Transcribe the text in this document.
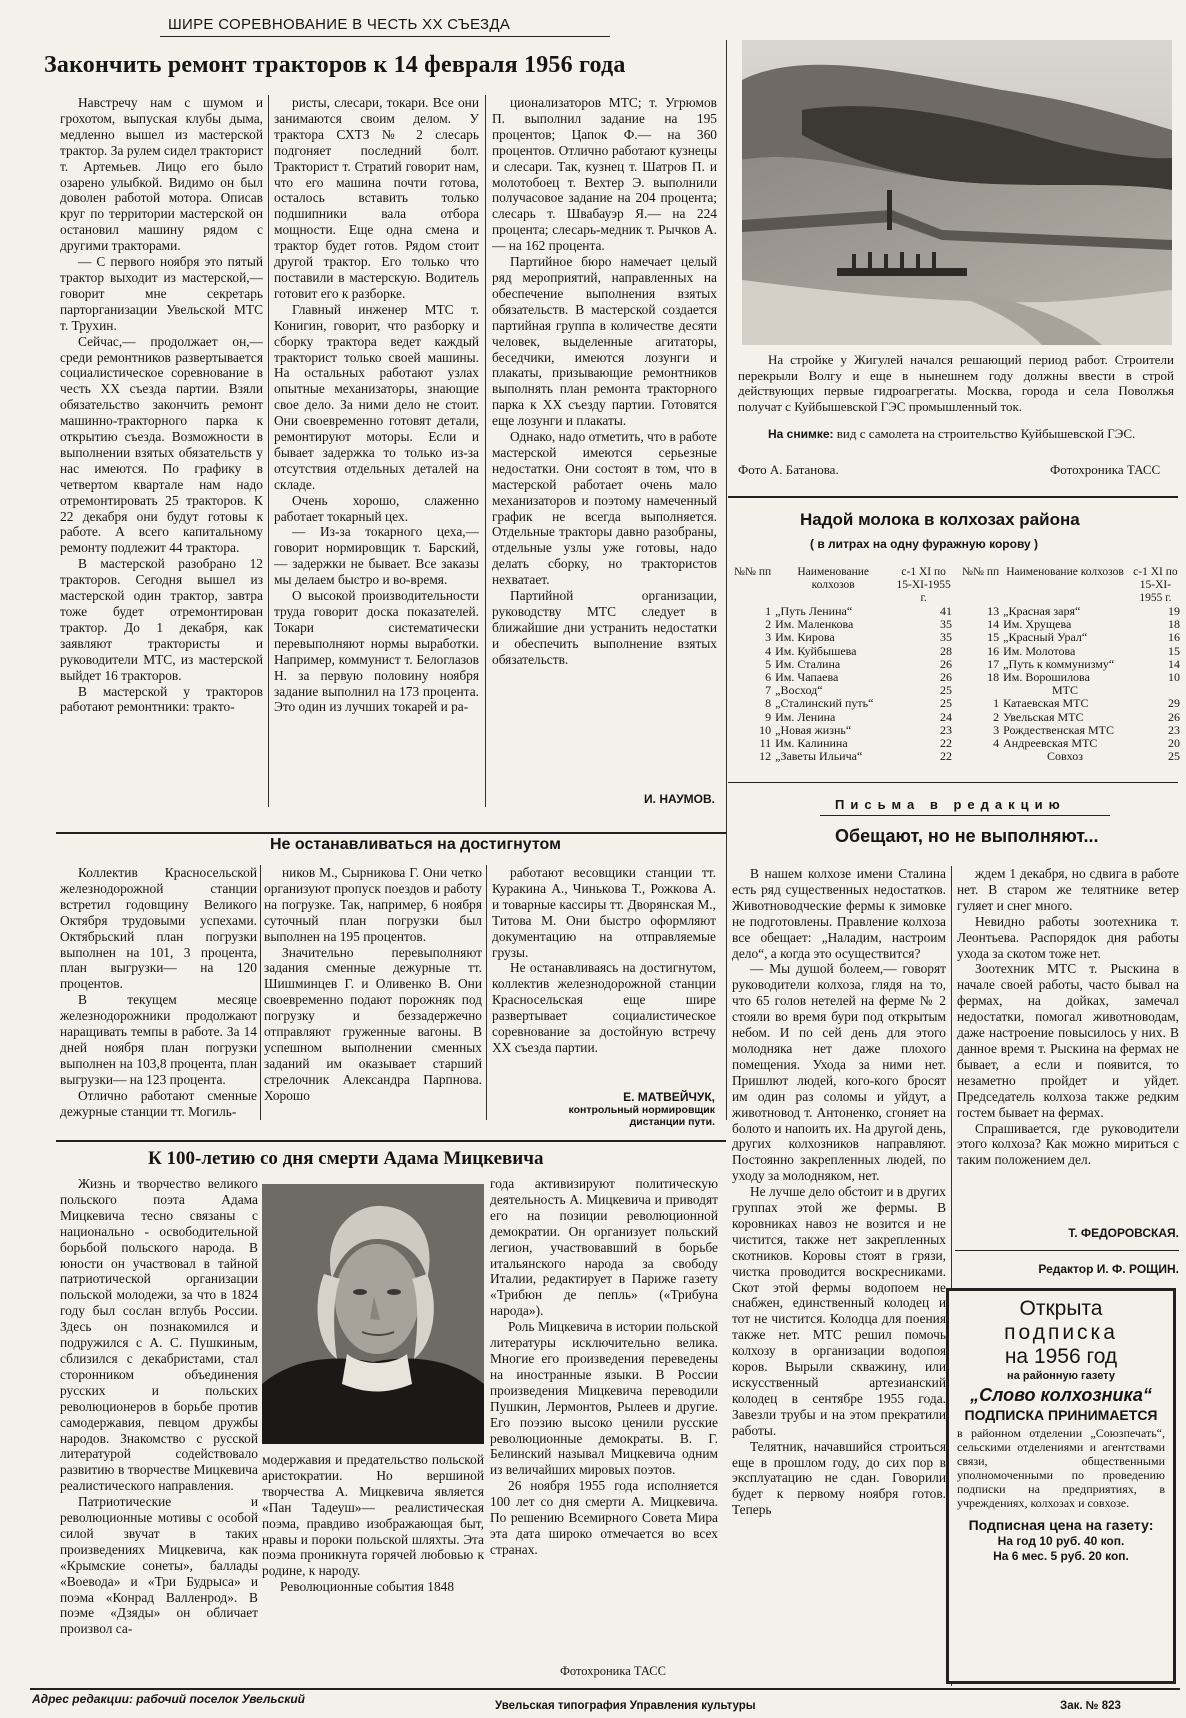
ШИРЕ СОРЕВНОВАНИЕ В ЧЕСТЬ XX СЪЕЗДА
Закончить ремонт тракторов к 14 февраля 1956 года

Навстречу нам с шумом и грохотом, выпуская клубы дыма, медленно вышел из мастерской трактор. За рулем сидел тракторист т. Артемьев. Лицо его было озарено улыбкой. Видимо он был доволен работой мотора. Описав круг по территории мастерской он остановил машину рядом с другими тракторами.

— С первого ноября это пятый трактор выходит из мастерской,— говорит мне секретарь парторганизации Увельской МТС т. Трухин.

Сейчас,— продолжает он,— среди ремонтников развертывается социалистическое соревнование в честь XX съезда партии. Взяли обязательство закончить ремонт машинно-тракторного парка к открытию съезда. Возможности в выполнении взятых обязательств у нас имеются. По графику в четвертом квартале нам надо отремонтировать 25 тракторов. К 22 декабря они будут готовы к работе. А всего капитальному ремонту подлежит 44 трактора.

В мастерской разобрано 12 тракторов. Сегодня вышел из мастерской один трактор, завтра тоже будет отремонтирован трактор. До 1 декабря, как заявляют трактористы и руководители МТС, из мастерской выйдет 16 тракторов.

В мастерской у тракторов работают ремонтники: тракто-

ристы, слесари, токари. Все они занимаются своим делом. У трактора СХТЗ № 2 слесарь подгоняет последний болт. Тракторист т. Стратий говорит нам, что его машина почти готова, осталось вставить только подшипники вала отбора мощности. Еще одна смена и трактор будет готов. Рядом стоит другой трактор. Его только что поставили в мастерскую. Водитель готовит его к разборке.

Главный инженер МТС т. Конигин, говорит, что разборку и сборку трактора ведет каждый тракторист только своей машины. На остальных работают узлах опытные механизаторы, знающие свое дело. За ними дело не стоит. Они своевременно готовят детали, ремонтируют моторы. Если и бывает задержка то только из-за отсутствия отдельных деталей на складе.

Очень хорошо, слаженно работает токарный цех.

— Из-за токарного цеха,— говорит нормировщик т. Барский,— задержки не бывает. Все заказы мы делаем быстро и во-время.

О высокой производительности труда говорит доска показателей. Токари систематически перевыполняют нормы выработки. Например, коммунист т. Белоглазов Н. за первую половину ноября задание выполнил на 173 процента. Это один из лучших токарей и ра-

ционализаторов МТС; т. Угрюмов П. выполнил задание на 195 процентов; Цапок Ф.— на 360 процентов. Отлично работают кузнецы и слесари. Так, кузнец т. Шатров П. и молотобоец т. Вехтер Э. выполнили получасовое задание на 204 процента; слесарь т. Швабауэр Я.— на 224 процента; слесарь-медник т. Рычков А.— на 162 процента.

Партийное бюро намечает целый ряд мероприятий, направленных на обеспечение выполнения взятых обязательств. В мастерской создается партийная группа в количестве десяти человек, выделенные агитаторы, беседчики, имеются лозунги и плакаты, призывающие ремонтников выполнять план ремонта тракторного парка к XX съезду партии. Готовятся еще лозунги и плакаты.

Однако, надо отметить, что в работе мастерской имеются серьезные недостатки. Они состоят в том, что в мастерской работает очень мало механизаторов и поэтому намеченный график не всегда выполняется. Отдельные тракторы давно разобраны, отдельные узлы уже готовы, надо делать сборку, но трактористов нехватает.

Партийной организации, руководству МТС следует в ближайшие дни устранить недостатки и обеспечить выполнение взятых обязательств.

И. НАУМОВ.

На стройке у Жигулей начался решающий период работ. Строители перекрыли Волгу и еще в нынешнем году должны ввести в строй действующих первые гидроагрегаты. Москва, города и села Поволжья получат с Куйбышевской ГЭС промышленный ток.

На снимке: вид с самолета на строительство Куйбышевской ГЭС.
Фото А. Батанова.	Фотохроника ТАСС
Надой молока в колхозах района
( в литрах на одну фуражную корову )
№№ пп	Наименование колхозов	с-1 XI по 15-XI-1955 г.
1	„Путь Ленина“	41
2	Им. Маленкова	35
3	Им. Кирова	35
4	Им. Куйбышева	28
5	Им. Сталина	26
6	Им. Чапаева	26
7	„Восход“	25
8	„Сталинский путь“	25
9	Им. Ленина	24
10	„Новая жизнь“	23
11	Им. Калинина	22
12	„Заветы Ильича“	22
№№ пп	Наименование колхозов	с-1 XI по 15-XI-1955 г.
13	„Красная заря“	19
14	Им. Хрущева	18
15	„Красный Урал“	16
16	Им. Молотова	15
17	„Путь к коммунизму“	14
18	Им. Ворошилова	10
	МТС	
1	Катаевская МТС	29
2	Увельская МТС	26
3	Рождественская МТС	23
4	Андреевская МТС	20
	Совхоз	25
Письма в редакцию
Обещают, но не выполняют...

В нашем колхозе имени Сталина есть ряд существенных недостатков. Животноводческие фермы к зимовке не подготовлены. Правление колхоза все обещает: „Наладим, настроим дело“, а когда это осуществится?

— Мы душой болеем,— говорят руководители колхоза, глядя на то, что 65 голов нетелей на ферме № 2 стояли во время бури под открытым небом. И по сей день для этого молодняка нет даже плохого помещения. Ухода за ними нет. Пришлют людей, кого-кого бросят им один раз соломы и уйдут, а животновод т. Антоненко, сгоняет на болото и напоить их. На другой день, других колхозников направляют. Постоянно закрепленных людей, по уходу за молодняком, нет.

Не лучше дело обстоит и в других группах этой же фермы. В коровниках навоз не возится и не чистится, также нет закрепленных скотников. Коровы стоят в грязи, чистка проводится воскресниками. Скот этой фермы водопоем не снабжен, единственный колодец и тот не чистится. Колодца для поения также нет. МТС решил помочь колхозу в организации водопоя коров. Вырыли скважину, или искусственный артезианский колодец в сентябре 1955 года. Завезли трубы и на этом прекратили работы.

Телятник, начавшийся строиться еще в прошлом году, до сих пор в эксплуатацию не сдан. Говорили будет к первому ноября готов. Теперь

ждем 1 декабря, но сдвига в работе нет. В старом же телятнике ветер гуляет и снег много.

Невидно работы зоотехника т. Леонтьева. Распорядок дня работы ухода за скотом тоже нет.

Зоотехник МТС т. Рыскина в начале своей работы, часто бывал на фермах, на дойках, замечал недостатки, помогал животноводам, даже настроение повысилось у них. В данное время т. Рыскина на фермах не бывает, а если и появится, то незаметно пройдет и уйдет. Председатель колхоза также редким гостем бывает на фермах.

Спрашивается, где руководители этого колхоза? Как можно мириться с таким положением дел.

Т. ФЕДОРОВСКАЯ.
Редактор И. Ф. РОЩИН.
Открыта
подписка
на 1956 год
на районную газету
„Слово колхозника“
ПОДПИСКА ПРИНИМАЕТСЯ
в районном отделении „Союзпечать“, сельскими отделениями и агентствами связи, общественными уполномоченными по проведению подписки на предприятиях, в учреждениях, колхозах и совхозе.
Подписная цена на газету:
На год 10 руб. 40 коп.
На 6 мес. 5 руб. 20 коп.
Не останавливаться на достигнутом

Коллектив Красносельской железнодорожной станции встретил годовщину Великого Октября трудовыми успехами. Октябрьский план погрузки выполнен на 101, 3 процента, план выгрузки— на 120 процентов.

В текущем месяце железнодорожники продолжают наращивать темпы в работе. За 14 дней ноября план погрузки выполнен на 103,8 процента, план выгрузки— на 123 процента.

Отлично работают сменные дежурные станции тт. Могиль-

ников М., Сырникова Г. Они четко организуют пропуск поездов и работу на погрузке. Так, например, 6 ноября суточный план погрузки был выполнен на 195 процентов.

Значительно перевыполняют задания сменные дежурные тт. Шишминцев Г. и Оливенко В. Они своевременно подают порожняк под погрузку и беззадержечно отправляют груженные вагоны. В успешном выполнении сменных заданий им оказывает старший стрелочник Александра Парпнова. Хорошо

работают весовщики станции тт. Куракина А., Чинькова Т., Рожкова А. и товарные кассиры тт. Дворянская М., Титова М. Они быстро оформляют документацию на отправляемые грузы.

Не останавливаясь на достигнутом, коллектив железнодорожной станции Красносельская еще шире развертывает социалистическое соревнование за достойную встречу XX съезда партии.

Е. МАТВЕЙЧУК,
контрольный нормировщик дистанции пути.
К 100-летию со дня смерти Адама Мицкевича

Жизнь и творчество великого польского поэта Адама Мицкевича тесно связаны с национально - освободительной борьбой польского народа. В юности он участвовал в тайной патриотической организации польской молодежи, за что в 1824 году был сослан вглубь России. Здесь он познакомился и подружился с А. С. Пушкиным, сблизился с декабристами, стал сторонником объединения русских и польских революционеров в борьбе против самодержавия, певцом дружбы народов. Знакомство с русской литературой содействовало развитию в творчестве Мицкевича реалистического направления.

Патриотические и революционные мотивы с особой силой звучат в таких произведениях Мицкевича, как «Крымские сонеты», баллады «Воевода» и «Три Будрыса» и поэма «Конрад Валленрод». В поэме «Дзяды» он обличает произвол са-

модержавия и предательство польской аристократии. Но вершиной творчества А. Мицкевича является «Пан Тадеуш»— реалистическая поэма, правдиво изображающая быт, нравы и пороки польской шляхты. Эта поэма проникнута горячей любовью к родине, к народу.

Революционные события 1848

года активизируют политическую деятельность А. Мицкевича и приводят его на позиции революционной демократии. Он организует польский легион, участвовавший в борьбе итальянского народа за свободу Италии, редактирует в Париже газету «Трибюн де пепль» («Трибуна народа»).

Роль Мицкевича в истории польской литературы исключительно велика. Многие его произведения переведены на иностранные языки. В России произведения Мицкевича переводили Пушкин, Лермонтов, Рылеев и другие. Его поэзию высоко ценили русские революционные демократы. В. Г. Белинский называл Мицкевича одним из величайших мировых поэтов.

26 ноября 1955 года исполняется 100 лет со дня смерти А. Мицкевича. По решению Всемирного Совета Мира эта дата широко отмечается во всех странах.

Фотохроника ТАСС
Адрес редакции: рабочий поселок Увельский	Увельская типография Управления культуры	Зак. № 823
